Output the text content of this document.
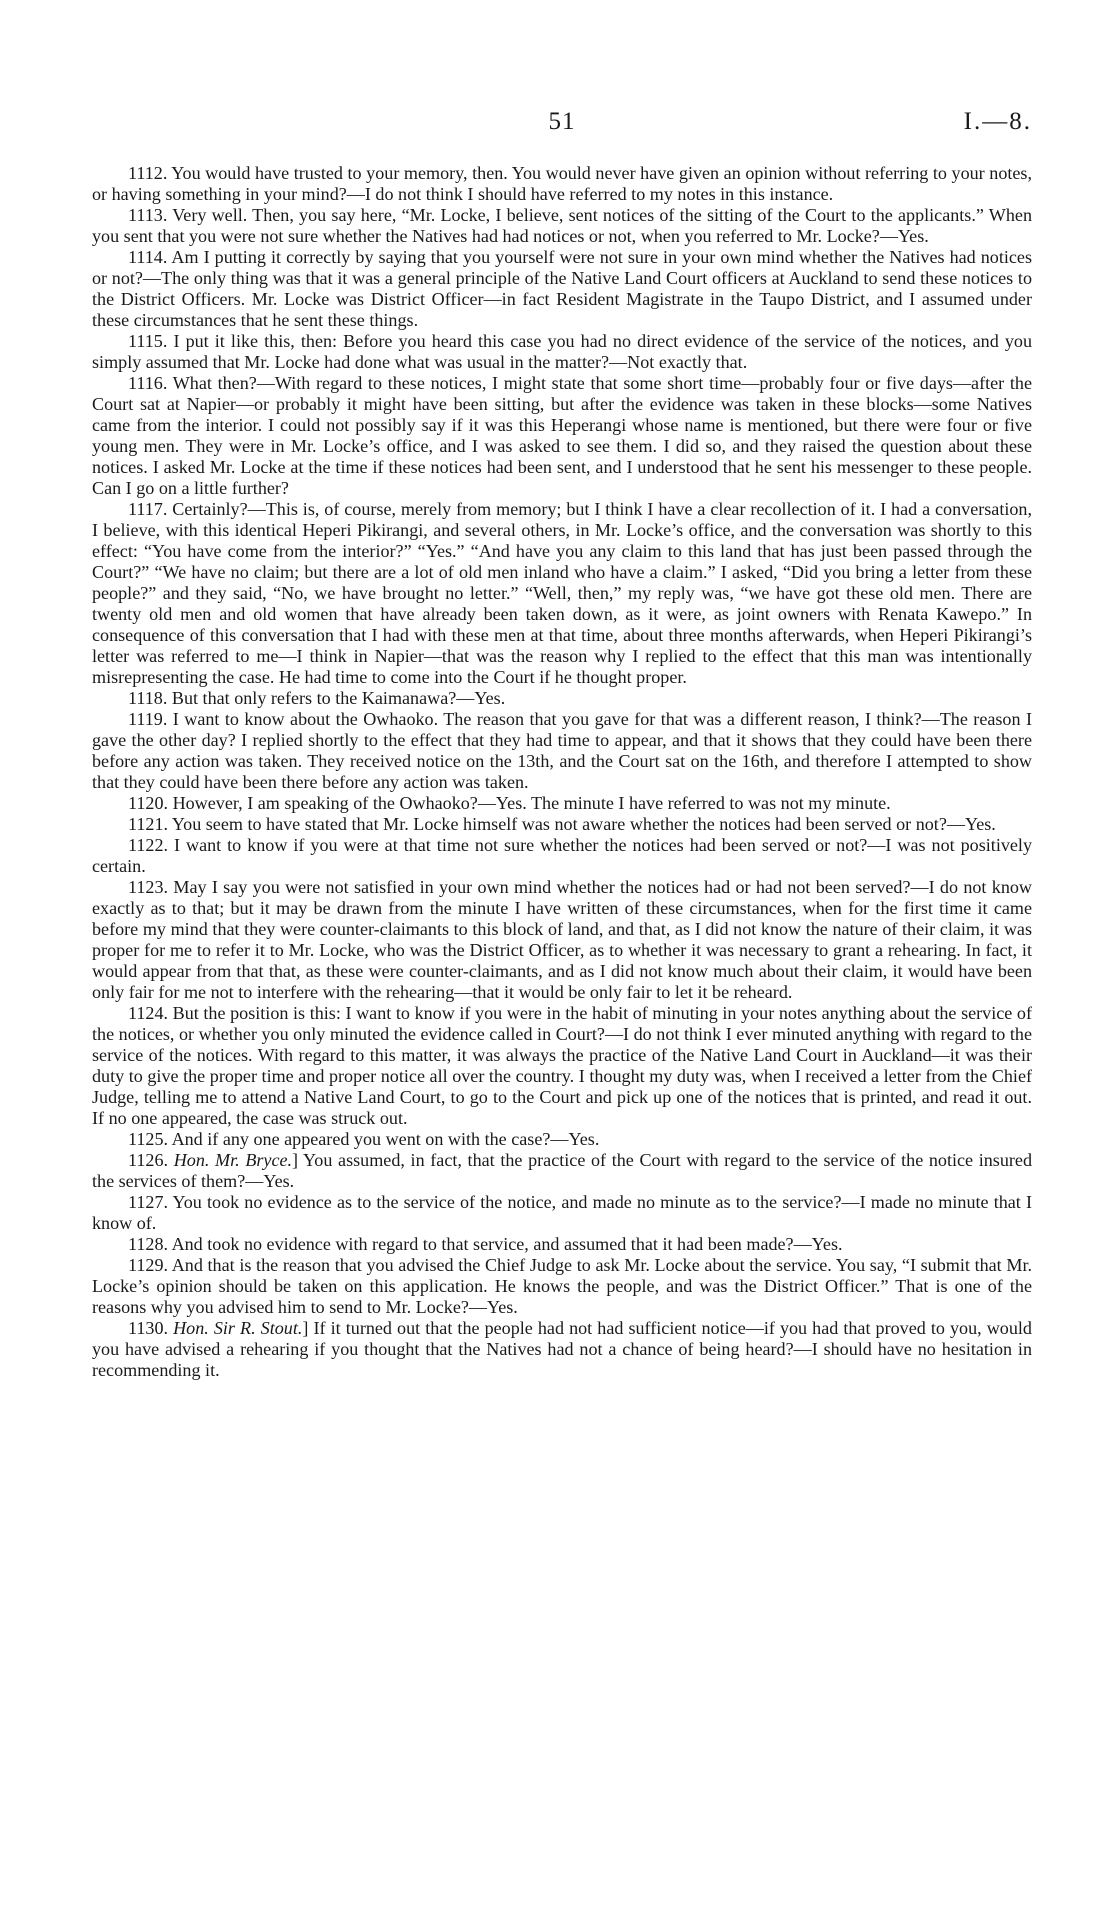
51	I.—8.

1112. You would have trusted to your memory, then. You would never have given an opinion without referring to your notes, or having something in your mind?—I do not think I should have referred to my notes in this instance.

1113. Very well. Then, you say here, “Mr. Locke, I believe, sent notices of the sitting of the Court to the applicants.” When you sent that you were not sure whether the Natives had had notices or not, when you referred to Mr. Locke?—Yes.

1114. Am I putting it correctly by saying that you yourself were not sure in your own mind whether the Natives had notices or not?—The only thing was that it was a general principle of the Native Land Court officers at Auckland to send these notices to the District Officers. Mr. Locke was District Officer—in fact Resident Magistrate in the Taupo District, and I assumed under these circumstances that he sent these things.

1115. I put it like this, then: Before you heard this case you had no direct evidence of the service of the notices, and you simply assumed that Mr. Locke had done what was usual in the matter?—Not exactly that.

1116. What then?—With regard to these notices, I might state that some short time—probably four or five days—after the Court sat at Napier—or probably it might have been sitting, but after the evidence was taken in these blocks—some Natives came from the interior. I could not possibly say if it was this Heperangi whose name is mentioned, but there were four or five young men. They were in Mr. Locke’s office, and I was asked to see them. I did so, and they raised the question about these notices. I asked Mr. Locke at the time if these notices had been sent, and I understood that he sent his messenger to these people. Can I go on a little further?

1117. Certainly?—This is, of course, merely from memory; but I think I have a clear recollection of it. I had a conversation, I believe, with this identical Heperi Pikirangi, and several others, in Mr. Locke’s office, and the conversation was shortly to this effect: “You have come from the interior?” “Yes.” “And have you any claim to this land that has just been passed through the Court?” “We have no claim; but there are a lot of old men inland who have a claim.” I asked, “Did you bring a letter from these people?” and they said, “No, we have brought no letter.” “Well, then,” my reply was, “we have got these old men. There are twenty old men and old women that have already been taken down, as it were, as joint owners with Renata Kawepo.” In consequence of this conversation that I had with these men at that time, about three months afterwards, when Heperi Pikirangi’s letter was referred to me—I think in Napier—that was the reason why I replied to the effect that this man was intentionally misrepresenting the case. He had time to come into the Court if he thought proper.

1118. But that only refers to the Kaimanawa?—Yes.

1119. I want to know about the Owhaoko. The reason that you gave for that was a different reason, I think?—The reason I gave the other day? I replied shortly to the effect that they had time to appear, and that it shows that they could have been there before any action was taken. They received notice on the 13th, and the Court sat on the 16th, and therefore I attempted to show that they could have been there before any action was taken.

1120. However, I am speaking of the Owhaoko?—Yes. The minute I have referred to was not my minute.

1121. You seem to have stated that Mr. Locke himself was not aware whether the notices had been served or not?—Yes.

1122. I want to know if you were at that time not sure whether the notices had been served or not?—I was not positively certain.

1123. May I say you were not satisfied in your own mind whether the notices had or had not been served?—I do not know exactly as to that; but it may be drawn from the minute I have written of these circumstances, when for the first time it came before my mind that they were counter-claimants to this block of land, and that, as I did not know the nature of their claim, it was proper for me to refer it to Mr. Locke, who was the District Officer, as to whether it was necessary to grant a rehearing. In fact, it would appear from that that, as these were counter-claimants, and as I did not know much about their claim, it would have been only fair for me not to interfere with the rehearing—that it would be only fair to let it be reheard.

1124. But the position is this: I want to know if you were in the habit of minuting in your notes anything about the service of the notices, or whether you only minuted the evidence called in Court?—I do not think I ever minuted anything with regard to the service of the notices. With regard to this matter, it was always the practice of the Native Land Court in Auckland—it was their duty to give the proper time and proper notice all over the country. I thought my duty was, when I received a letter from the Chief Judge, telling me to attend a Native Land Court, to go to the Court and pick up one of the notices that is printed, and read it out. If no one appeared, the case was struck out.

1125. And if any one appeared you went on with the case?—Yes.

1126. Hon. Mr. Bryce.] You assumed, in fact, that the practice of the Court with regard to the service of the notice insured the services of them?—Yes.

1127. You took no evidence as to the service of the notice, and made no minute as to the service?—I made no minute that I know of.

1128. And took no evidence with regard to that service, and assumed that it had been made?—Yes.

1129. And that is the reason that you advised the Chief Judge to ask Mr. Locke about the service. You say, “I submit that Mr. Locke’s opinion should be taken on this application. He knows the people, and was the District Officer.” That is one of the reasons why you advised him to send to Mr. Locke?—Yes.

1130. Hon. Sir R. Stout.] If it turned out that the people had not had sufficient notice—if you had that proved to you, would you have advised a rehearing if you thought that the Natives had not a chance of being heard?—I should have no hesitation in recommending it.
